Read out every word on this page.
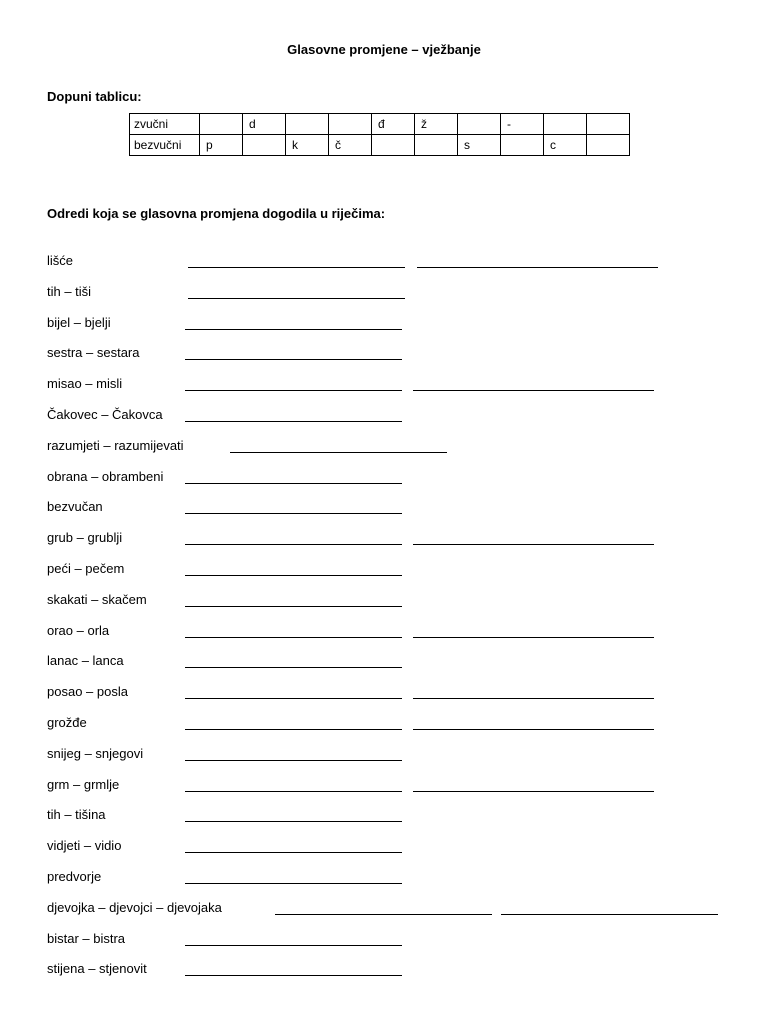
Glasovne promjene – vježbanje
Dopuni tablicu:
zvučni		d			đ	ž		-		
bezvučni	p		k	č			s		c	
Odredi koja se glasovna promjena dogodila u riječima:
lišće
tih – tiši
bijel – bjelji
sestra – sestara
misao – misli
Čakovec – Čakovca
razumjeti – razumijevati
obrana – obrambeni
bezvučan
grub – grublji
peći – pečem
skakati – skačem
orao – orla
lanac – lanca
posao – posla
grožđe
snijeg – snjegovi
grm – grmlje
tih – tišina
vidjeti – vidio
predvorje
djevojka – djevojci – djevojaka
bistar – bistra
stijena – stjenovit
